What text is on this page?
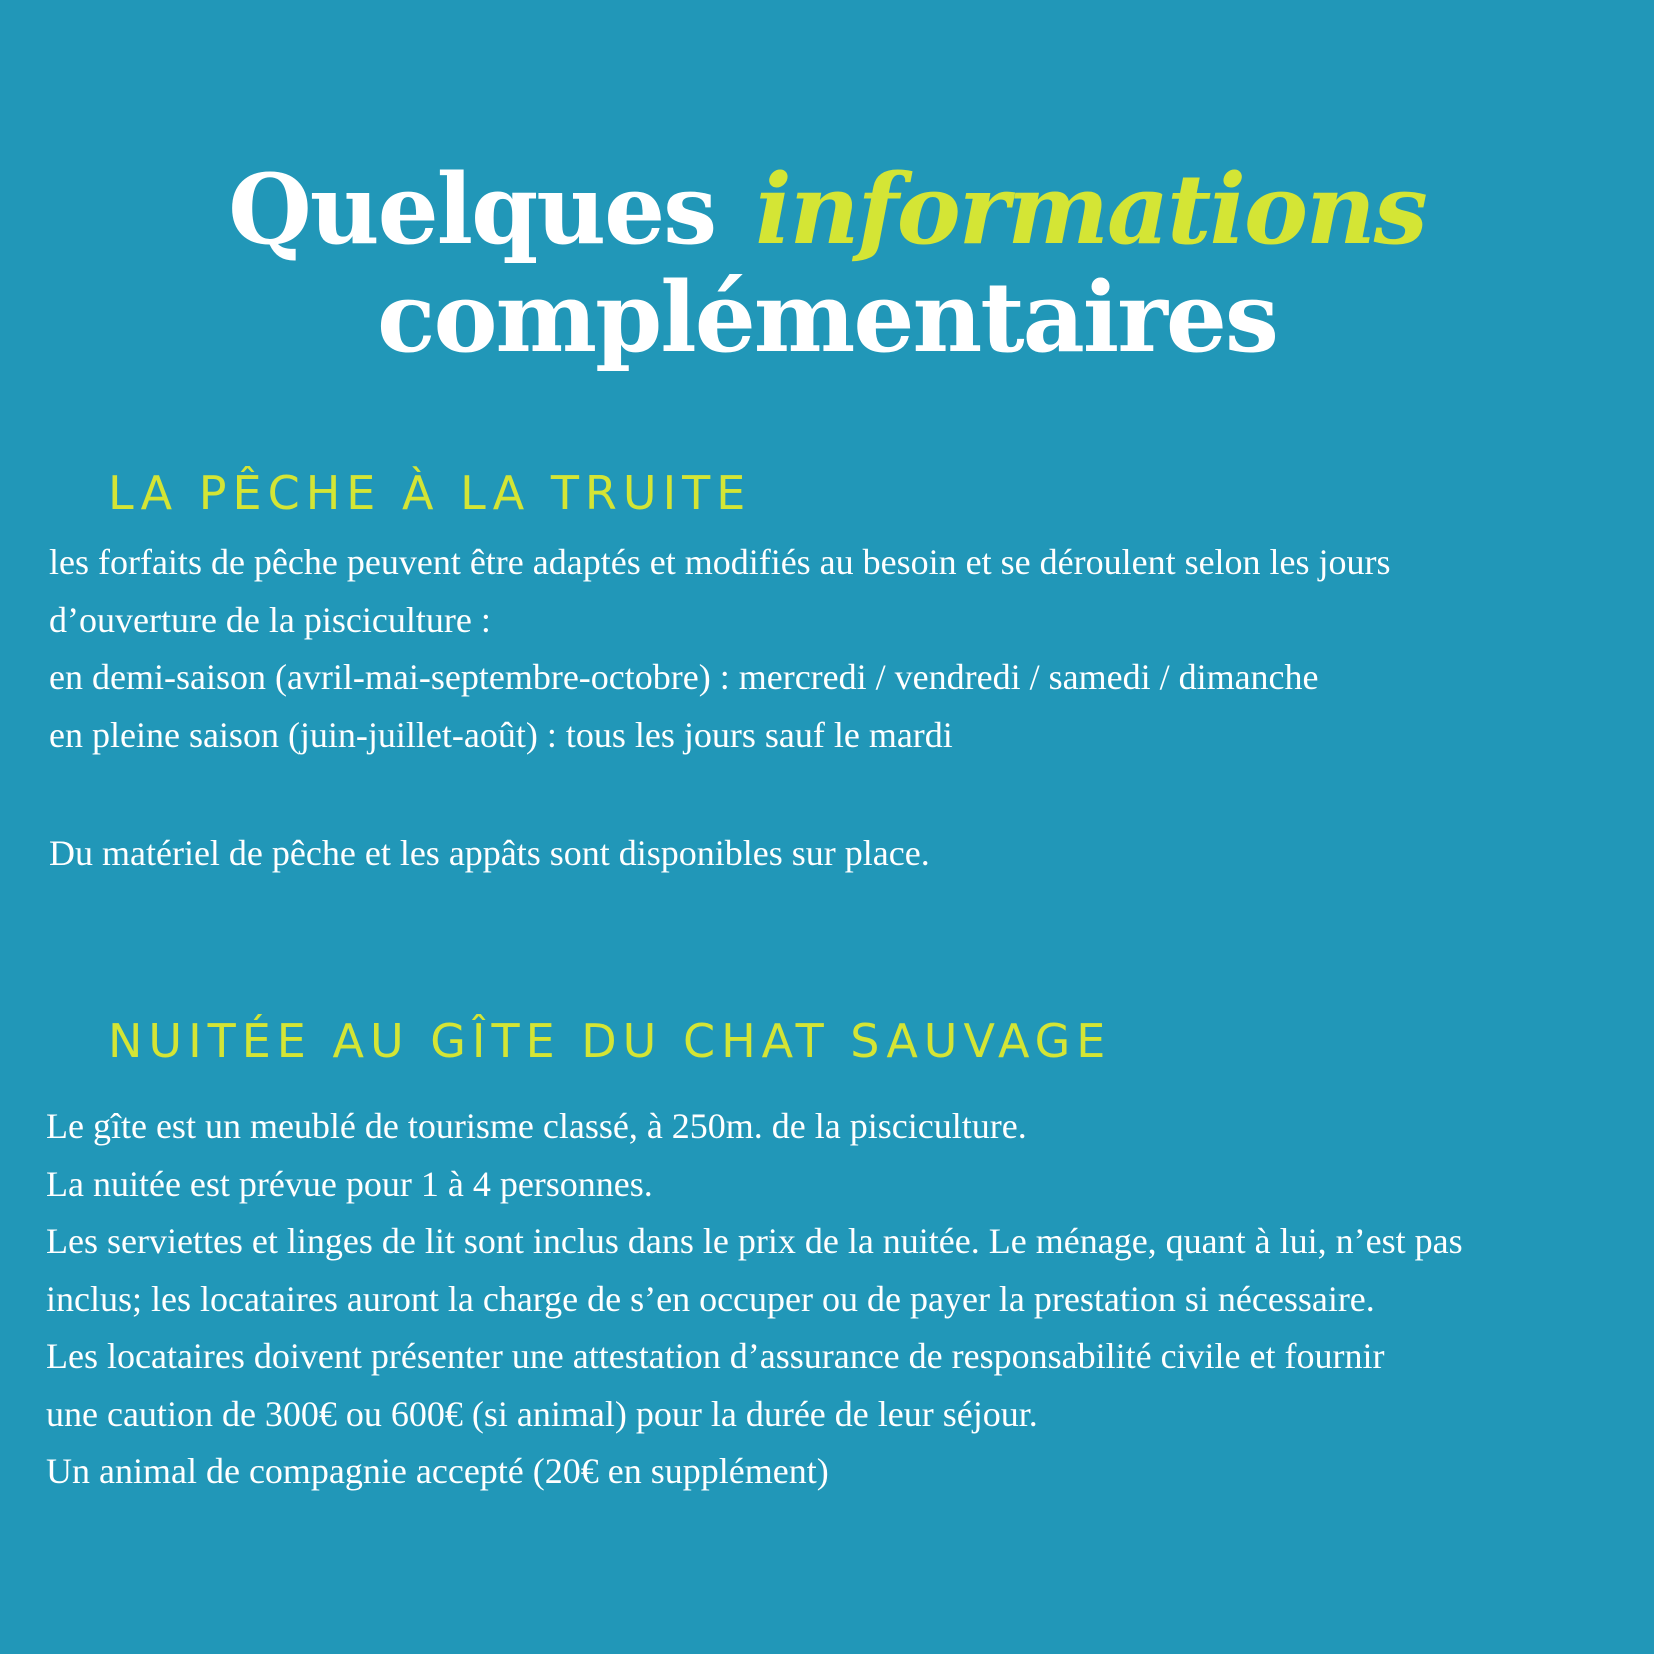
Quelques informations
complémentaires
LA PÊCHE À LA TRUITE
les forfaits de pêche peuvent être adaptés et modifiés au besoin et se déroulent selon les jours
d’ouverture de la pisciculture :
en demi-saison (avril-mai-septembre-octobre) : mercredi / vendredi / samedi / dimanche
en pleine saison (juin-juillet-août) : tous les jours sauf le mardi
Du matériel de pêche et les appâts sont disponibles sur place.
NUITÉE AU GÎTE DU CHAT SAUVAGE
Le gîte est un meublé de tourisme classé, à 250m. de la pisciculture.
La nuitée est prévue pour 1 à 4 personnes.
Les serviettes et linges de lit sont inclus dans le prix de la nuitée. Le ménage, quant à lui, n’est pas
inclus; les locataires auront la charge de s’en occuper ou de payer la prestation si nécessaire.
Les locataires doivent présenter une attestation d’assurance de responsabilité civile et fournir
une caution de 300€ ou 600€ (si animal) pour la durée de leur séjour.
Un animal de compagnie accepté (20€ en supplément)
